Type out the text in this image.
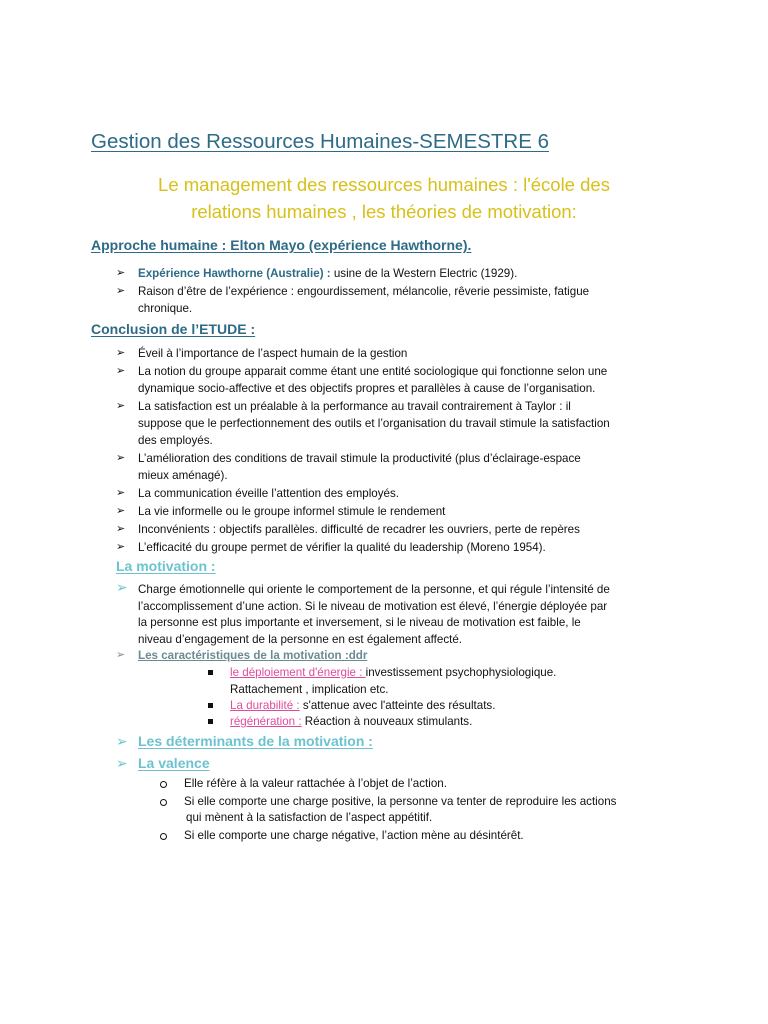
Gestion des Ressources Humaines-SEMESTRE 6
Le management des ressources humaines : l'école des
relations humaines , les théories de motivation:
Approche humaine : Elton Mayo (expérience Hawthorne).
➢ Expérience Hawthorne (Australie) : usine de la Western Electric (1929).
➢ Raison d’être de l’expérience : engourdissement, mélancolie, rêverie pessimiste, fatigue
chronique.
Conclusion de l’ETUDE :
➢ Éveil à l’importance de l’aspect humain de la gestion
➢ La notion du groupe apparait comme étant une entité sociologique qui fonctionne selon une
dynamique socio-affective et des objectifs propres et parallèles à cause de l’organisation.
➢ La satisfaction est un préalable à la performance au travail contrairement à Taylor : il
suppose que le perfectionnement des outils et l’organisation du travail stimule la satisfaction
des employés.
➢ L’amélioration des conditions de travail stimule la productivité (plus d’éclairage-espace
mieux aménagé).
➢ La communication éveille l’attention des employés.
➢ La vie informelle ou le groupe informel stimule le rendement
➢ Inconvénients : objectifs parallèles. difficulté de recadrer les ouvriers, perte de repères
➢ L’efficacité du groupe permet de vérifier la qualité du leadership (Moreno 1954).
La motivation :
➢ Charge émotionnelle qui oriente le comportement de la personne, et qui régule l’intensité de
l’accomplissement d’une action. Si le niveau de motivation est élevé, l’énergie déployée par
la personne est plus importante et inversement, si le niveau de motivation est faible, le
niveau d’engagement de la personne en est également affecté.
➢ Les caractéristiques de la motivation :ddr
le déploiement d'énergie : investissement psychophysiologique.
Rattachement , implication etc.
La durabilité : s'attenue avec l'atteinte des résultats.
régénération : Réaction à nouveaux stimulants.
➢ Les déterminants de la motivation :
➢ La valence
Elle réfère à la valeur rattachée à l’objet de l’action.
Si elle comporte une charge positive, la personne va tenter de reproduire les actions
qui mènent à la satisfaction de l’aspect appétitif.
Si elle comporte une charge négative, l’action mène au désintérêt.
